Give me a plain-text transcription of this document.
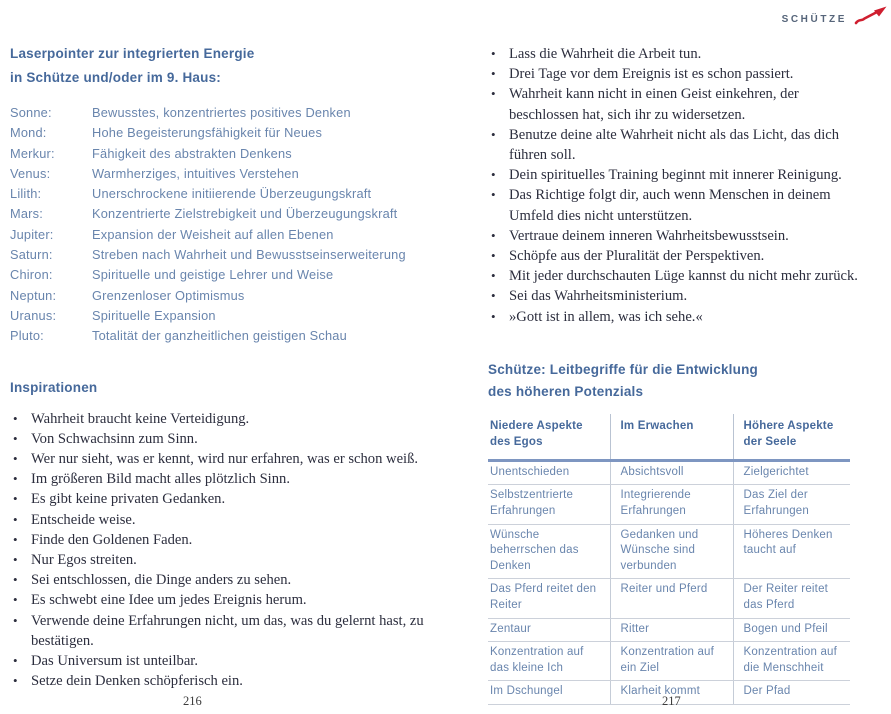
SCHÜTZE
Laserpointer zur integrierten Energie
in Schütze und/oder im 9. Haus:
Sonne:	Bewusstes, konzentriertes positives Denken
Mond:	Hohe Begeisterungsfähigkeit für Neues
Merkur:	Fähigkeit des abstrakten Denkens
Venus:	Warmherziges, intuitives Verstehen
Lilith:	Unerschrockene initiierende Überzeugungskraft
Mars:	Konzentrierte Zielstrebigkeit und Überzeugungskraft
Jupiter:	Expansion der Weisheit auf allen Ebenen
Saturn:	Streben nach Wahrheit und Bewusstseinserweiterung
Chiron:	Spirituelle und geistige Lehrer und Weise
Neptun:	Grenzenloser Optimismus
Uranus:	Spirituelle Expansion
Pluto:	Totalität der ganzheitlichen geistigen Schau
Inspirationen
• Wahrheit braucht keine Verteidigung.
• Von Schwachsinn zum Sinn.
• Wer nur sieht, was er kennt, wird nur erfahren, was er schon weiß.
• Im größeren Bild macht alles plötzlich Sinn.
• Es gibt keine privaten Gedanken.
• Entscheide weise.
• Finde den Goldenen Faden.
• Nur Egos streiten.
• Sei entschlossen, die Dinge anders zu sehen.
• Es schwebt eine Idee um jedes Ereignis herum.
• Verwende deine Erfahrungen nicht, um das, was du gelernt hast, zu bestätigen.
• Das Universum ist unteilbar.
• Setze dein Denken schöpferisch ein.
• Lass die Wahrheit die Arbeit tun.
• Drei Tage vor dem Ereignis ist es schon passiert.
• Wahrheit kann nicht in einen Geist einkehren, der beschlossen hat, sich ihr zu widersetzen.
• Benutze deine alte Wahrheit nicht als das Licht, das dich führen soll.
• Dein spirituelles Training beginnt mit innerer Reinigung.
• Das Richtige folgt dir, auch wenn Menschen in deinem Umfeld dies nicht unterstützen.
• Vertraue deinem inneren Wahrheitsbewusstsein.
• Schöpfe aus der Pluralität der Perspektiven.
• Mit jeder durchschauten Lüge kannst du nicht mehr zurück.
• Sei das Wahrheitsministerium.
• »Gott ist in allem, was ich sehe.«
Schütze: Leitbegriffe für die Entwicklung
des höheren Potenzials
Niedere Aspekte des Egos	Im Erwachen	Höhere Aspekte der Seele
Unentschieden	Absichtsvoll	Zielgerichtet
Selbstzentrierte Erfahrungen	Integrierende Erfahrungen	Das Ziel der Erfahrungen
Wünsche beherrschen das Denken	Gedanken und Wünsche sind verbunden	Höheres Denken taucht auf
Das Pferd reitet den Reiter	Reiter und Pferd	Der Reiter reitet das Pferd
Zentaur	Ritter	Bogen und Pfeil
Konzentration auf das kleine Ich	Konzentration auf ein Ziel	Konzentration auf die Menschheit
Im Dschungel	Klarheit kommt	Der Pfad
216	217
